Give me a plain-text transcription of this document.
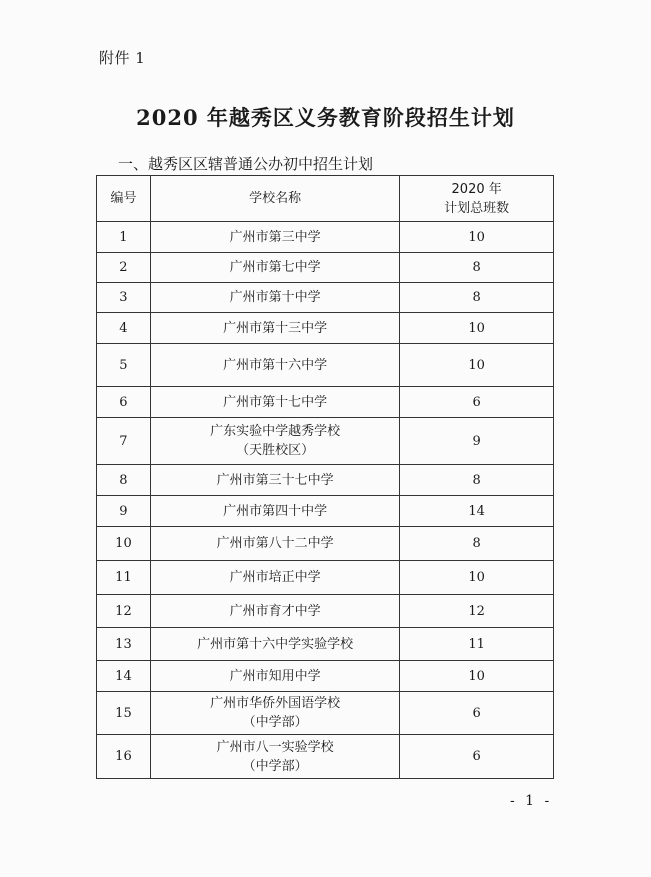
附件 1
2020 年越秀区义务教育阶段招生计划
一、越秀区区辖普通公办初中招生计划
编号	学校名称	2020 年
计划总班数

1	广州市第三中学	10
2	广州市第七中学	8
3	广州市第十中学	8
4	广州市第十三中学	10
5	广州市第十六中学	10
6	广州市第十七中学	6
7	广东实验中学越秀学校
（天胜校区）	9
8	广州市第三十七中学	8
9	广州市第四十中学	14
10	广州市第八十二中学	8
11	广州市培正中学	10
12	广州市育才中学	12
13	广州市第十六中学实验学校	11
14	广州市知用中学	10
15	广州市华侨外国语学校
（中学部）	6
16	广州市八一实验学校
（中学部）	6
- 1 -
